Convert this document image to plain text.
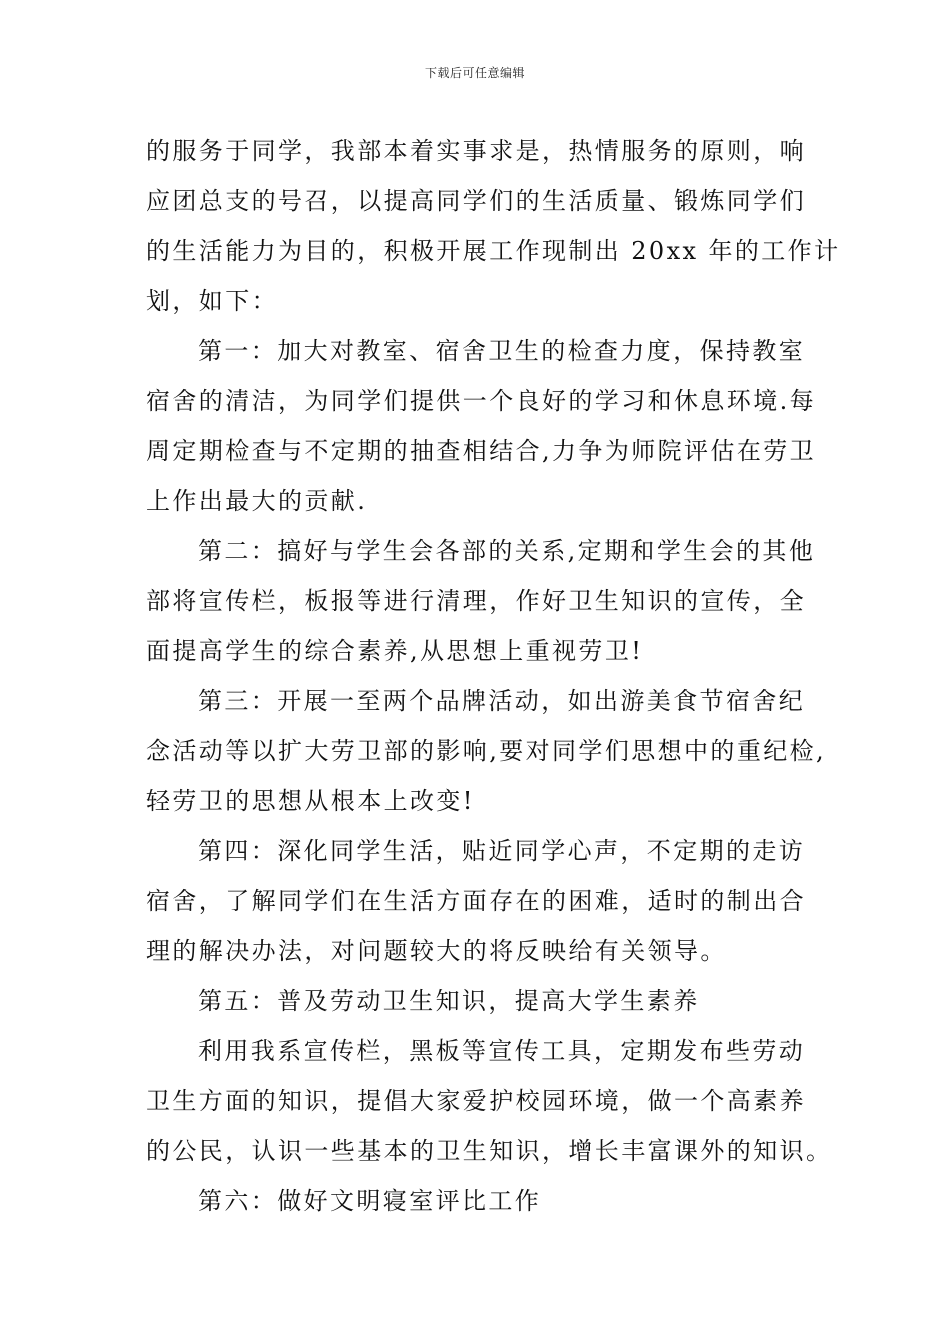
下载后可任意编辑
的服务于同学，我部本着实事求是，热情服务的原则，响
应团总支的号召，以提高同学们的生活质量、锻炼同学们
的生活能力为目的，积极开展工作现制出 20xx 年的工作计
划，如下：
第一：加大对教室、宿舍卫生的检查力度，保持教室
宿舍的清洁，为同学们提供一个良好的学习和休息环境.每
周定期检查与不定期的抽查相结合,力争为师院评估在劳卫
上作出最大的贡献.
第二：搞好与学生会各部的关系,定期和学生会的其他
部将宣传栏，板报等进行清理，作好卫生知识的宣传，全
面提高学生的综合素养,从思想上重视劳卫!
第三：开展一至两个品牌活动，如出游美食节宿舍纪
念活动等以扩大劳卫部的影响,要对同学们思想中的重纪检,
轻劳卫的思想从根本上改变!
第四：深化同学生活，贴近同学心声，不定期的走访
宿舍，了解同学们在生活方面存在的困难，适时的制出合
理的解决办法，对问题较大的将反映给有关领导。
第五：普及劳动卫生知识，提高大学生素养
利用我系宣传栏，黑板等宣传工具，定期发布些劳动
卫生方面的知识，提倡大家爱护校园环境，做一个高素养
的公民，认识一些基本的卫生知识，增长丰富课外的知识。
第六：做好文明寝室评比工作
